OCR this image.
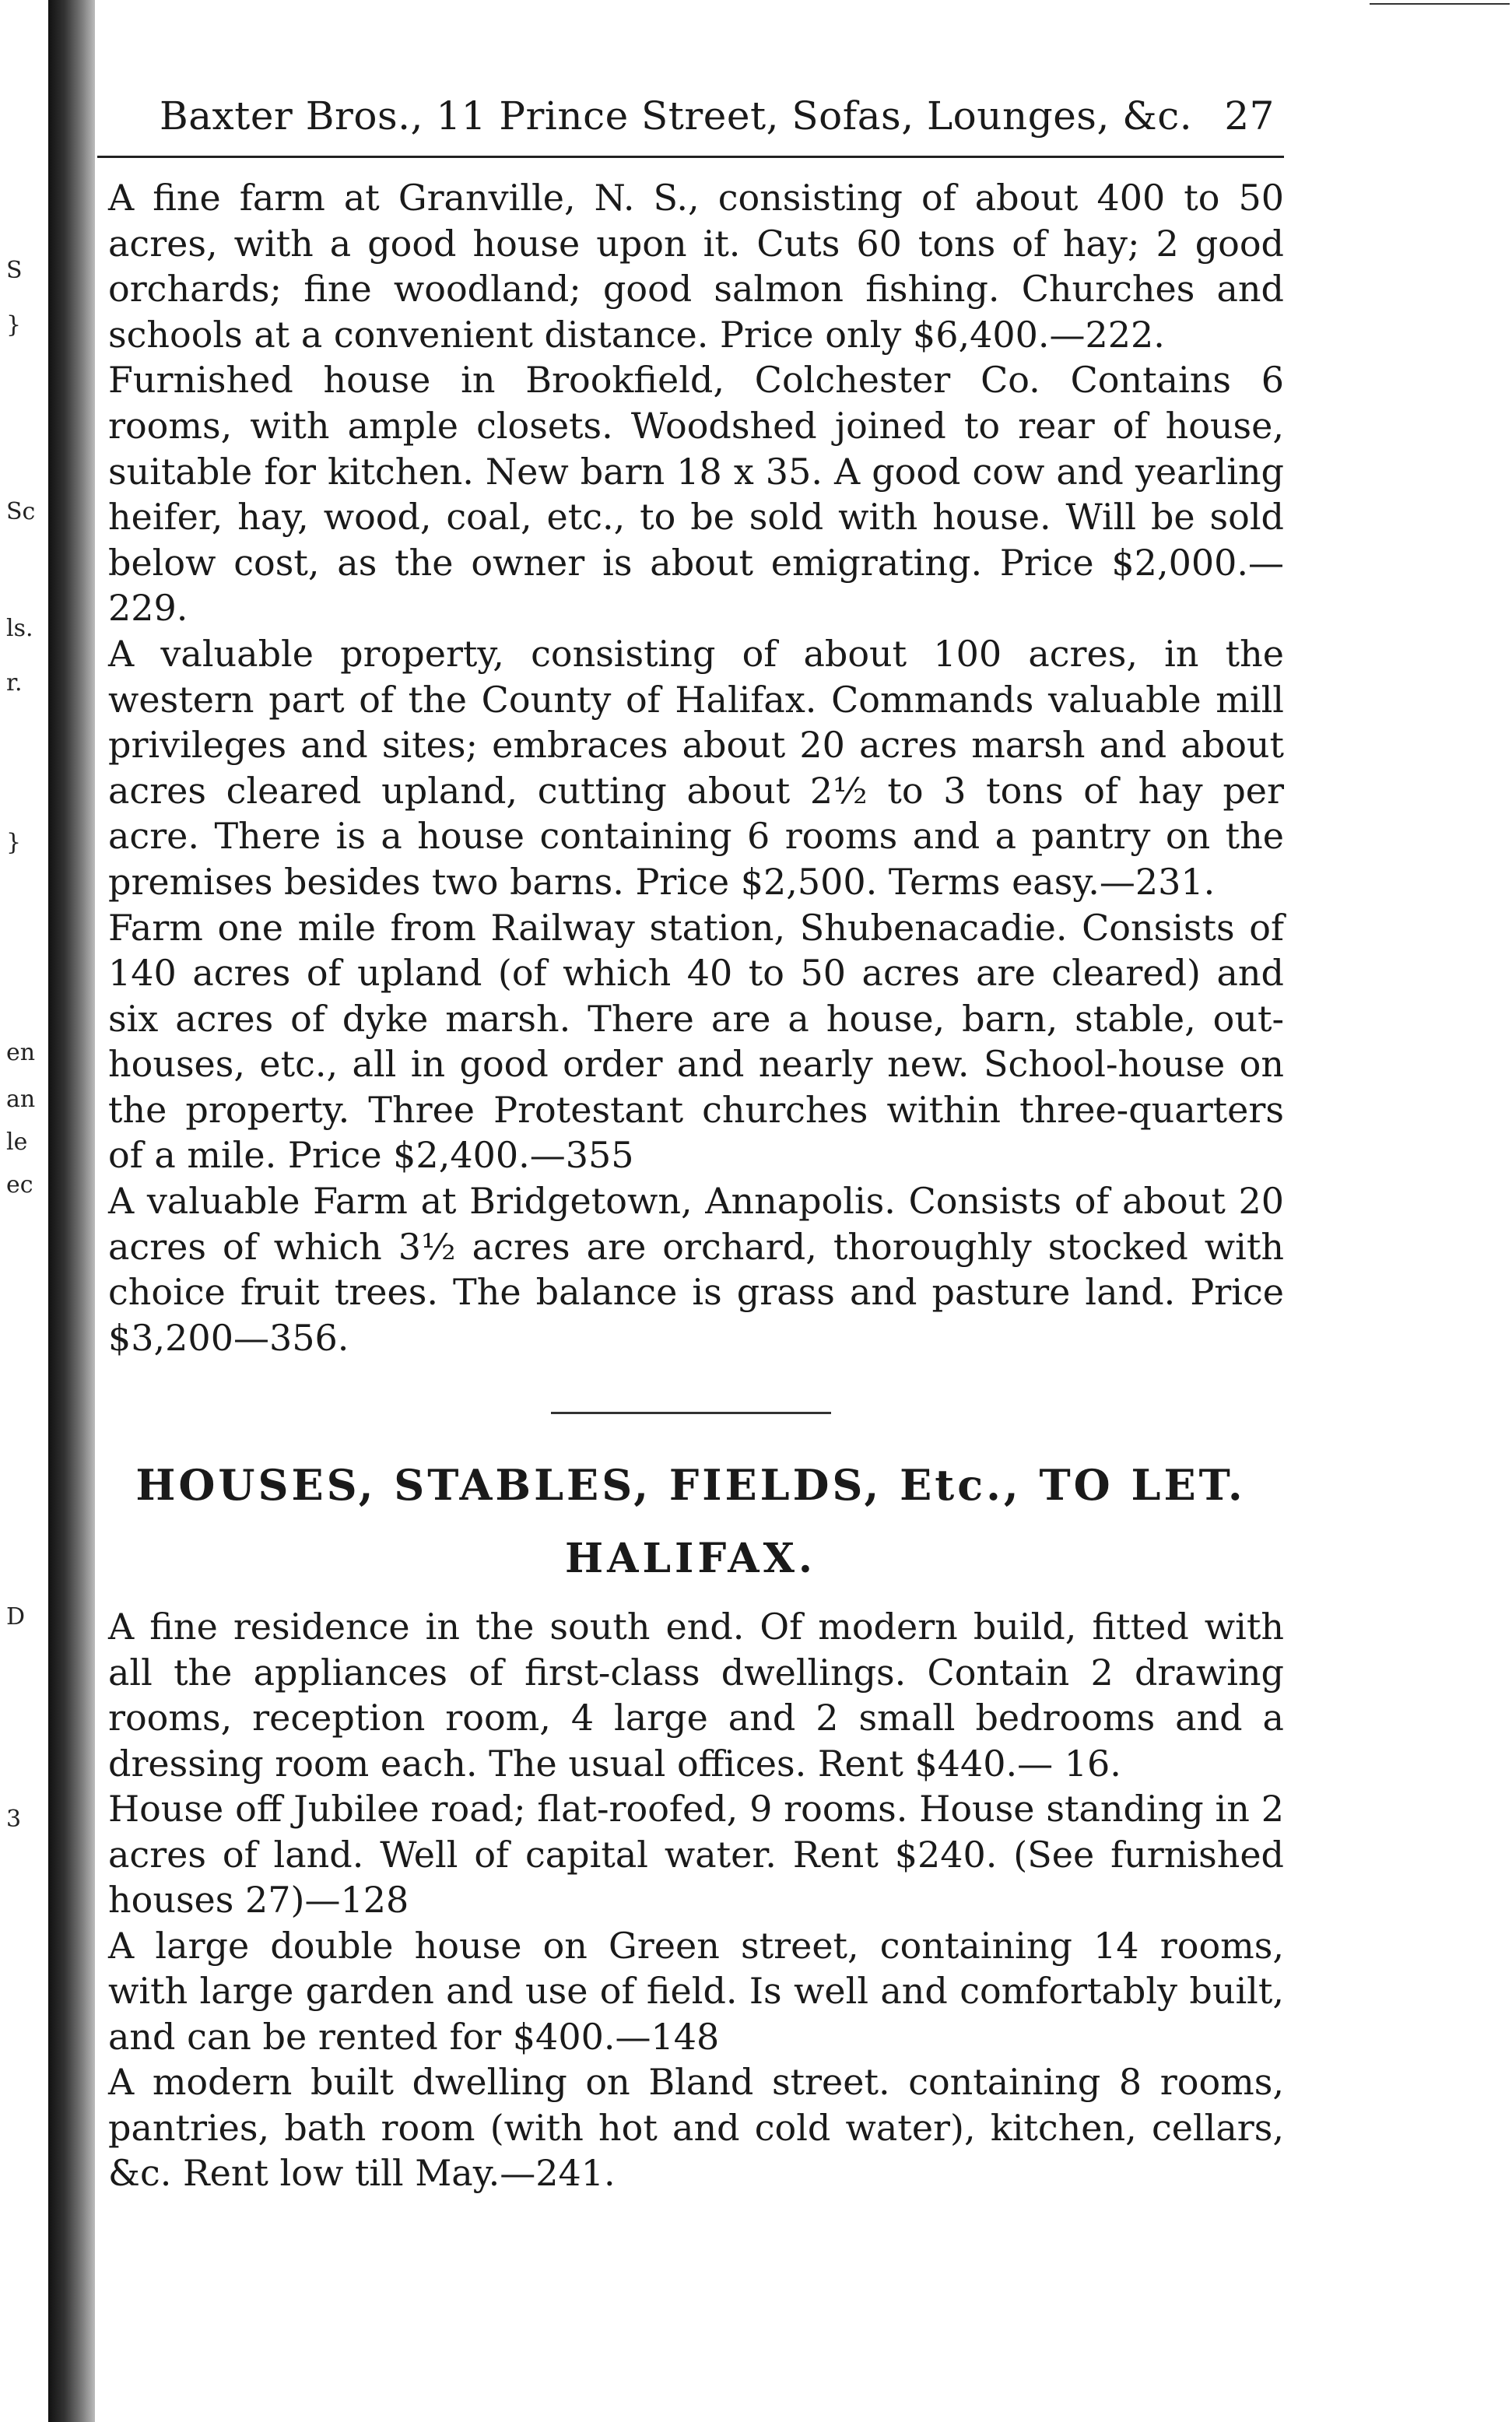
S
}
Sc
ls.
r.
}
en
an
le
ec
D
3
Baxter Bros., 11 Prince Street, Sofas, Lounges, &c. 27

A fine farm at Granville, N. S., consisting of about 400 to 50 acres, with a good house upon it. Cuts 60 tons of hay; 2 good orchards; fine woodland; good salmon fishing. Churches and schools at a convenient distance. Price only $6,400.—222.

Furnished house in Brookfield, Colchester Co. Contains 6 rooms, with ample closets. Woodshed joined to rear of house, suitable for kitchen. New barn 18 x 35. A good cow and yearling heifer, hay, wood, coal, etc., to be sold with house. Will be sold below cost, as the owner is about emigrating. Price $2,000.—229.

A valuable property, consisting of about 100 acres, in the western part of the County of Halifax. Commands valuable mill privileges and sites; embraces about 20 acres marsh and about acres cleared upland, cutting about 2½ to 3 tons of hay per acre. There is a house containing 6 rooms and a pantry on the premises besides two barns. Price $2,500. Terms easy.—231.

Farm one mile from Railway station, Shubenacadie. Consists of 140 acres of upland (of which 40 to 50 acres are cleared) and six acres of dyke marsh. There are a house, barn, stable, out-houses, etc., all in good order and nearly new. School-house on the property. Three Protestant churches within three-quarters of a mile. Price $2,400.—355

A valuable Farm at Bridgetown, Annapolis. Consists of about 20 acres of which 3½ acres are orchard, thoroughly stocked with choice fruit trees. The balance is grass and pasture land. Price $3,200—356.

HOUSES, STABLES, FIELDS, Etc., TO LET.
HALIFAX.

A fine residence in the south end. Of modern build, fitted with all the appliances of first-class dwellings. Contain 2 drawing rooms, reception room, 4 large and 2 small bedrooms and a dressing room each. The usual offices. Rent $440.— 16.

House off Jubilee road; flat-roofed, 9 rooms. House standing in 2 acres of land. Well of capital water. Rent $240. (See furnished houses 27)—128

A large double house on Green street, containing 14 rooms, with large garden and use of field. Is well and comfortably built, and can be rented for $400.—148

A modern built dwelling on Bland street. containing 8 rooms, pantries, bath room (with hot and cold water), kitchen, cellars, &c. Rent low till May.—241.
